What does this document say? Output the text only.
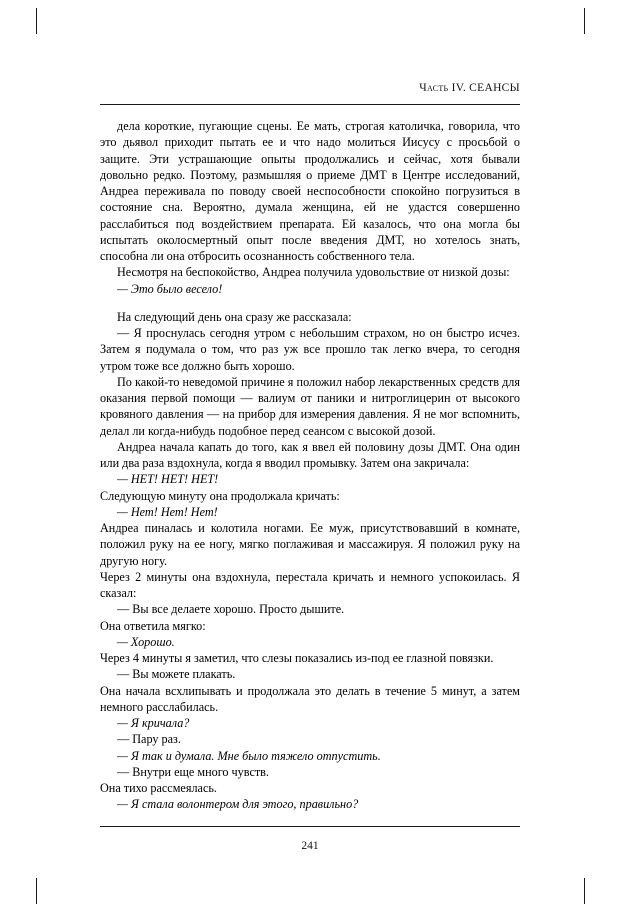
Часть IV. СЕАНСЫ

дела короткие, пугающие сцены. Ее мать, строгая католичка, говорила, что это дьявол приходит пытать ее и что надо молиться Иисусу с просьбой о защите. Эти устрашающие опыты продолжались и сейчас, хотя бывали довольно редко. Поэтому, размышляя о приеме ДМТ в Центре исследований, Андреа переживала по поводу своей неспособности спокойно погрузиться в состояние сна. Вероятно, думала женщина, ей не удастся совершенно расслабиться под воздействием препарата. Ей казалось, что она могла бы испытать околосмертный опыт после введения ДМТ, но хотелось знать, способна ли она отбросить осознанность собственного тела.

Несмотря на беспокойство, Андреа получила удовольствие от низкой дозы:

— Это было весело!

На следующий день она сразу же рассказала:

— Я проснулась сегодня утром с небольшим страхом, но он быстро исчез. Затем я подумала о том, что раз уж все прошло так легко вчера, то сегодня утром тоже все должно быть хорошо.

По какой-то неведомой причине я положил набор лекарственных средств для оказания первой помощи — валиум от паники и нитроглицерин от высокого кровяного давления — на прибор для измерения давления. Я не мог вспомнить, делал ли когда-нибудь подобное перед сеансом с высокой дозой.

Андреа начала капать до того, как я ввел ей половину дозы ДМТ. Она один или два раза вздохнула, когда я вводил промывку. Затем она закричала:

— НЕТ! НЕТ! НЕТ!

Следующую минуту она продолжала кричать:

— Нет! Нет! Нет!

Андреа пиналась и колотила ногами. Ее муж, присутствовавший в комнате, положил руку на ее ногу, мягко поглаживая и массажируя. Я положил руку на другую ногу.

Через 2 минуты она вздохнула, перестала кричать и немного успокоилась. Я сказал:

— Вы все делаете хорошо. Просто дышите.

Она ответила мягко:

— Хорошо.

Через 4 минуты я заметил, что слезы показались из-под ее глазной повязки.

— Вы можете плакать.

Она начала всхлипывать и продолжала это делать в течение 5 минут, а затем немного расслабилась.

— Я кричала?

— Пару раз.

— Я так и думала. Мне было тяжело отпустить.

— Внутри еще много чувств.

Она тихо рассмеялась.

— Я стала волонтером для этого, правильно?

241
